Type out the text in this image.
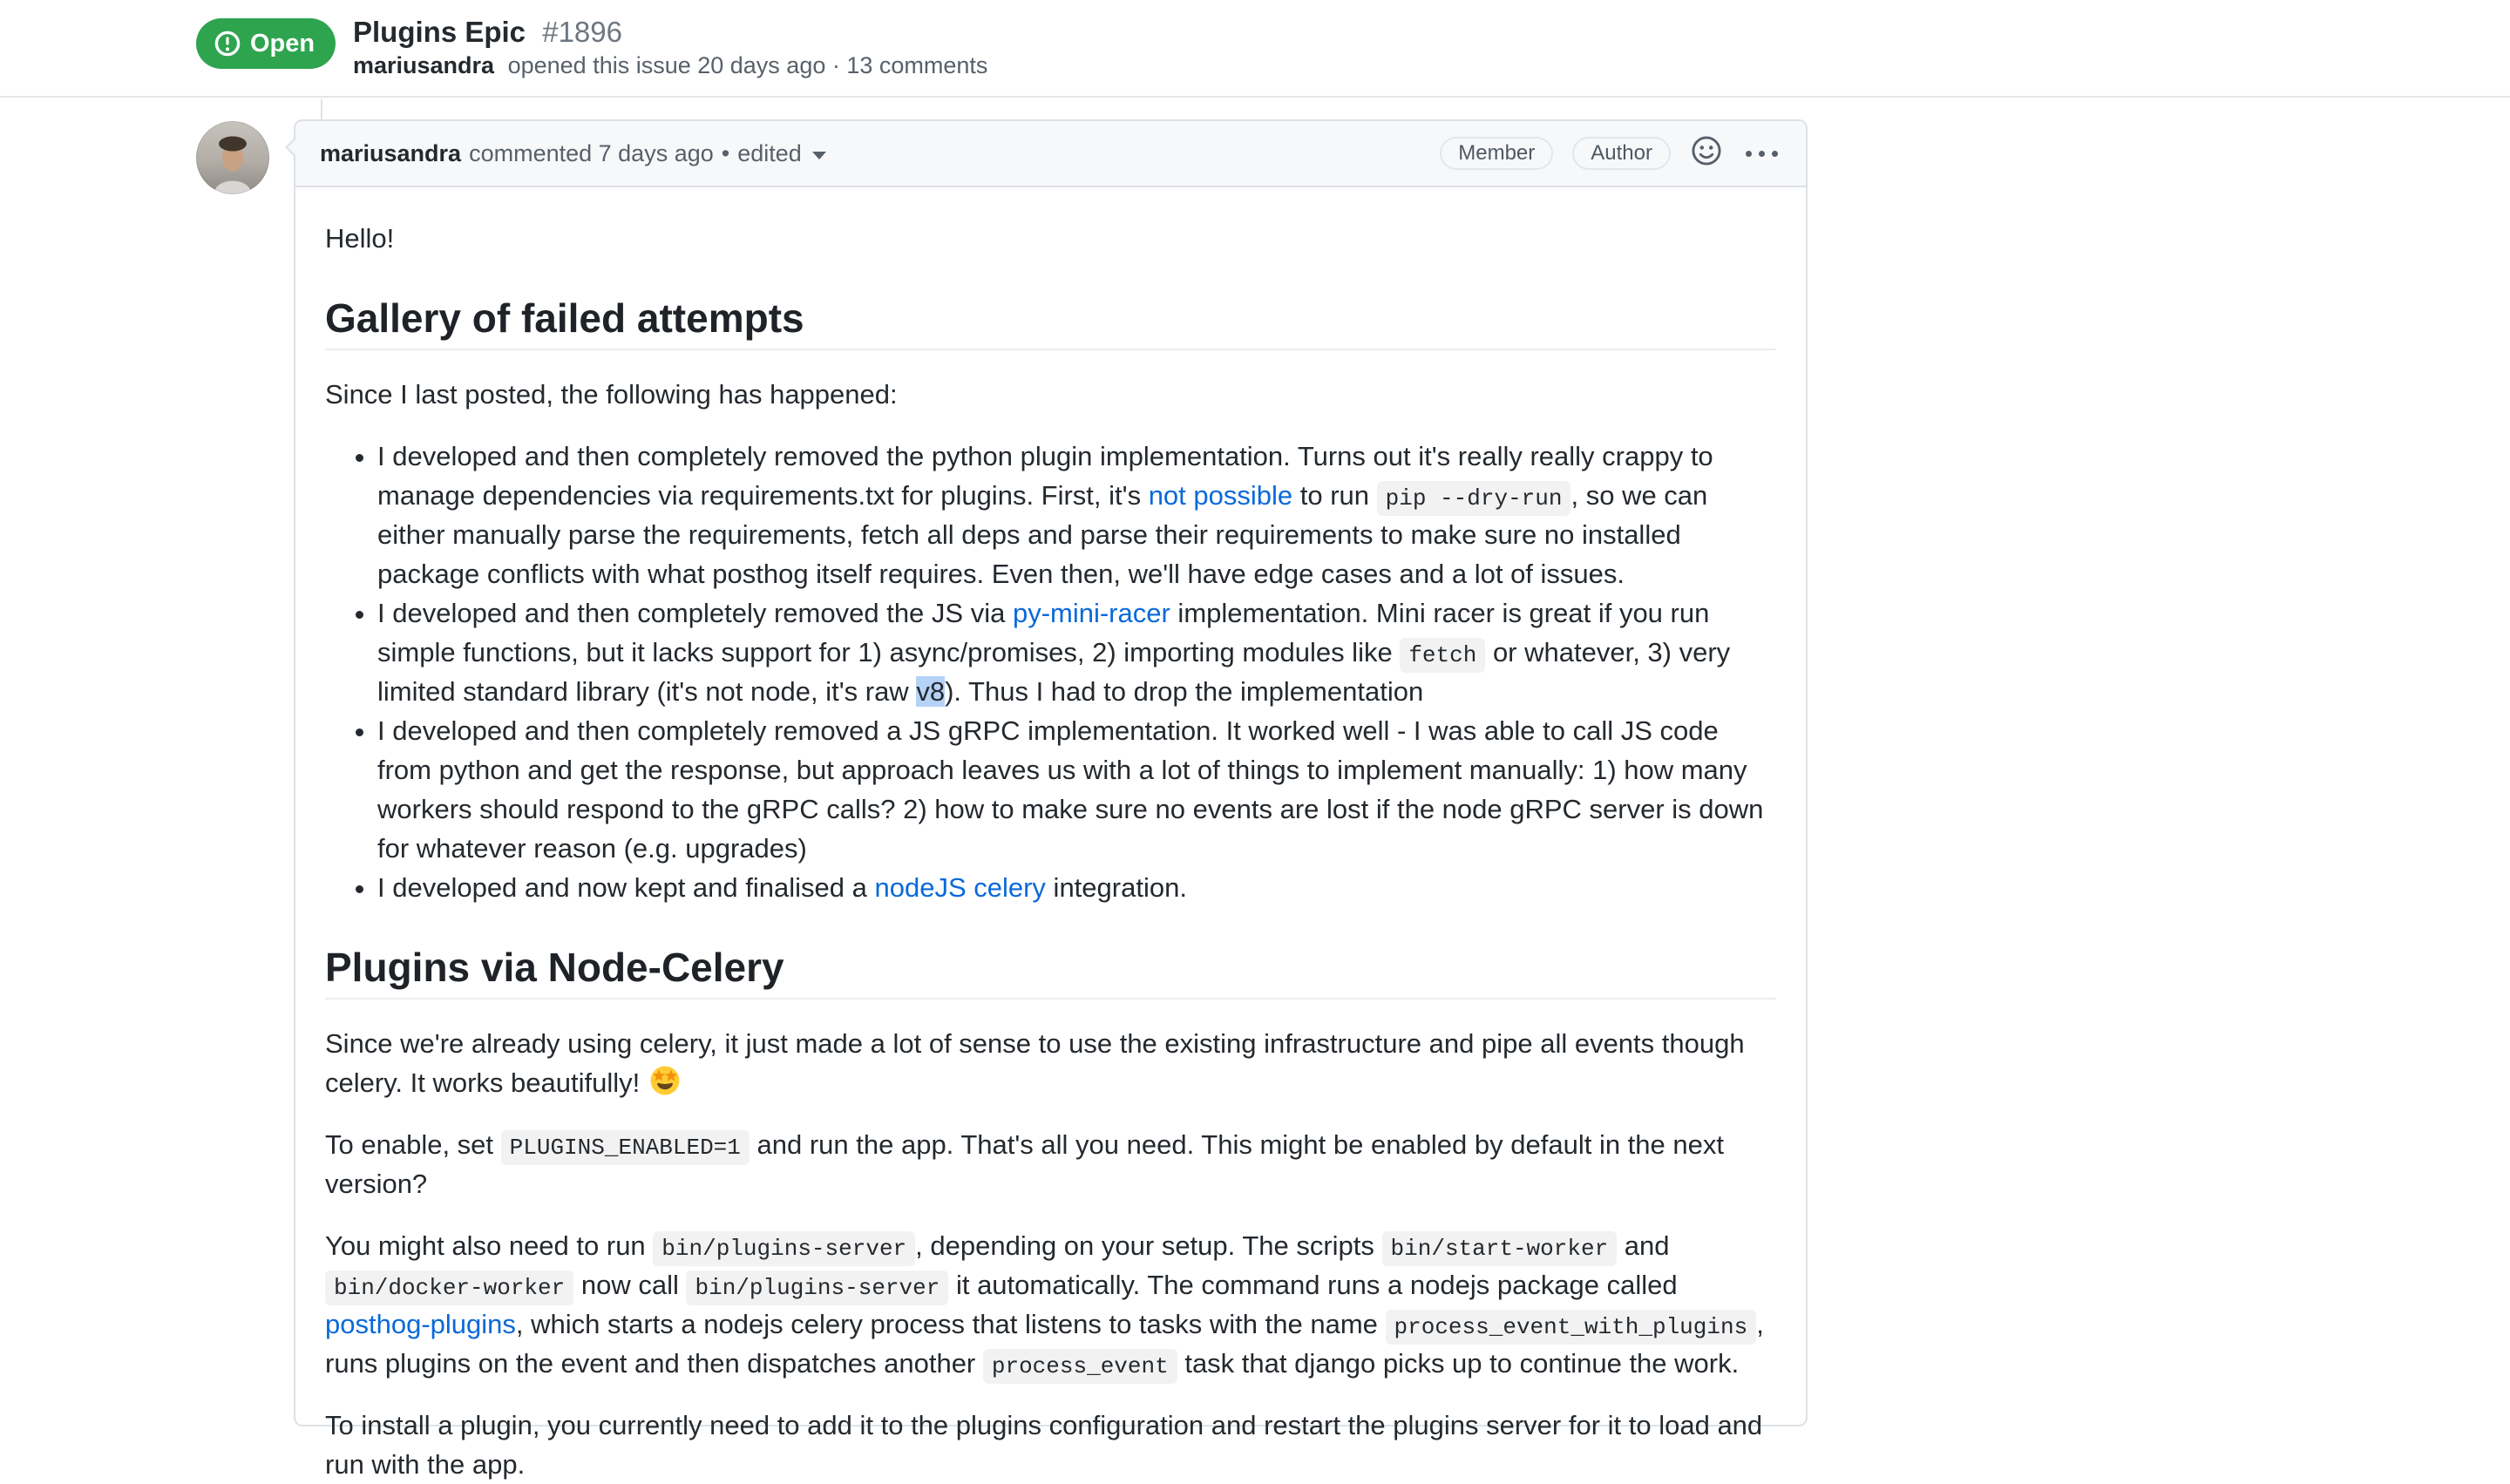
Open Plugins Epic #1896
mariusandra opened this issue 20 days ago · 13 comments
mariusandra commented 7 days ago • edited	Member	Author

Hello!

Gallery of failed attempts

Since I last posted, the following has happened:

• I developed and then completely removed the python plugin implementation. Turns out it's really really crappy to manage dependencies via requirements.txt for plugins. First, it's not possible to run pip --dry-run , so we can either manually parse the requirements, fetch all deps and parse their requirements to make sure no installed package conflicts with what posthog itself requires. Even then, we'll have edge cases and a lot of issues.
• I developed and then completely removed the JS via py-mini-racer implementation. Mini racer is great if you run simple functions, but it lacks support for 1) async/promises, 2) importing modules like fetch or whatever, 3) very limited standard library (it's not node, it's raw v8). Thus I had to drop the implementation
• I developed and then completely removed a JS gRPC implementation. It worked well - I was able to call JS code from python and get the response, but approach leaves us with a lot of things to implement manually: 1) how many workers should respond to the gRPC calls? 2) how to make sure no events are lost if the node gRPC server is down for whatever reason (e.g. upgrades)
• I developed and now kept and finalised a nodeJS celery integration.
Plugins via Node-Celery

Since we're already using celery, it just made a lot of sense to use the existing infrastructure and pipe all events though celery. It works beautifully!

To enable, set PLUGINS_ENABLED=1 and run the app. That's all you need. This might be enabled by default in the next version?

You might also need to run bin/plugins-server , depending on your setup. The scripts bin/start-worker and bin/docker-worker now call bin/plugins-server it automatically. The command runs a nodejs package called posthog-plugins, which starts a nodejs celery process that listens to tasks with the name process_event_with_plugins , runs plugins on the event and then dispatches another process_event task that django picks up to continue the work.

To install a plugin, you currently need to add it to the plugins configuration and restart the plugins server for it to load and run with the app.
